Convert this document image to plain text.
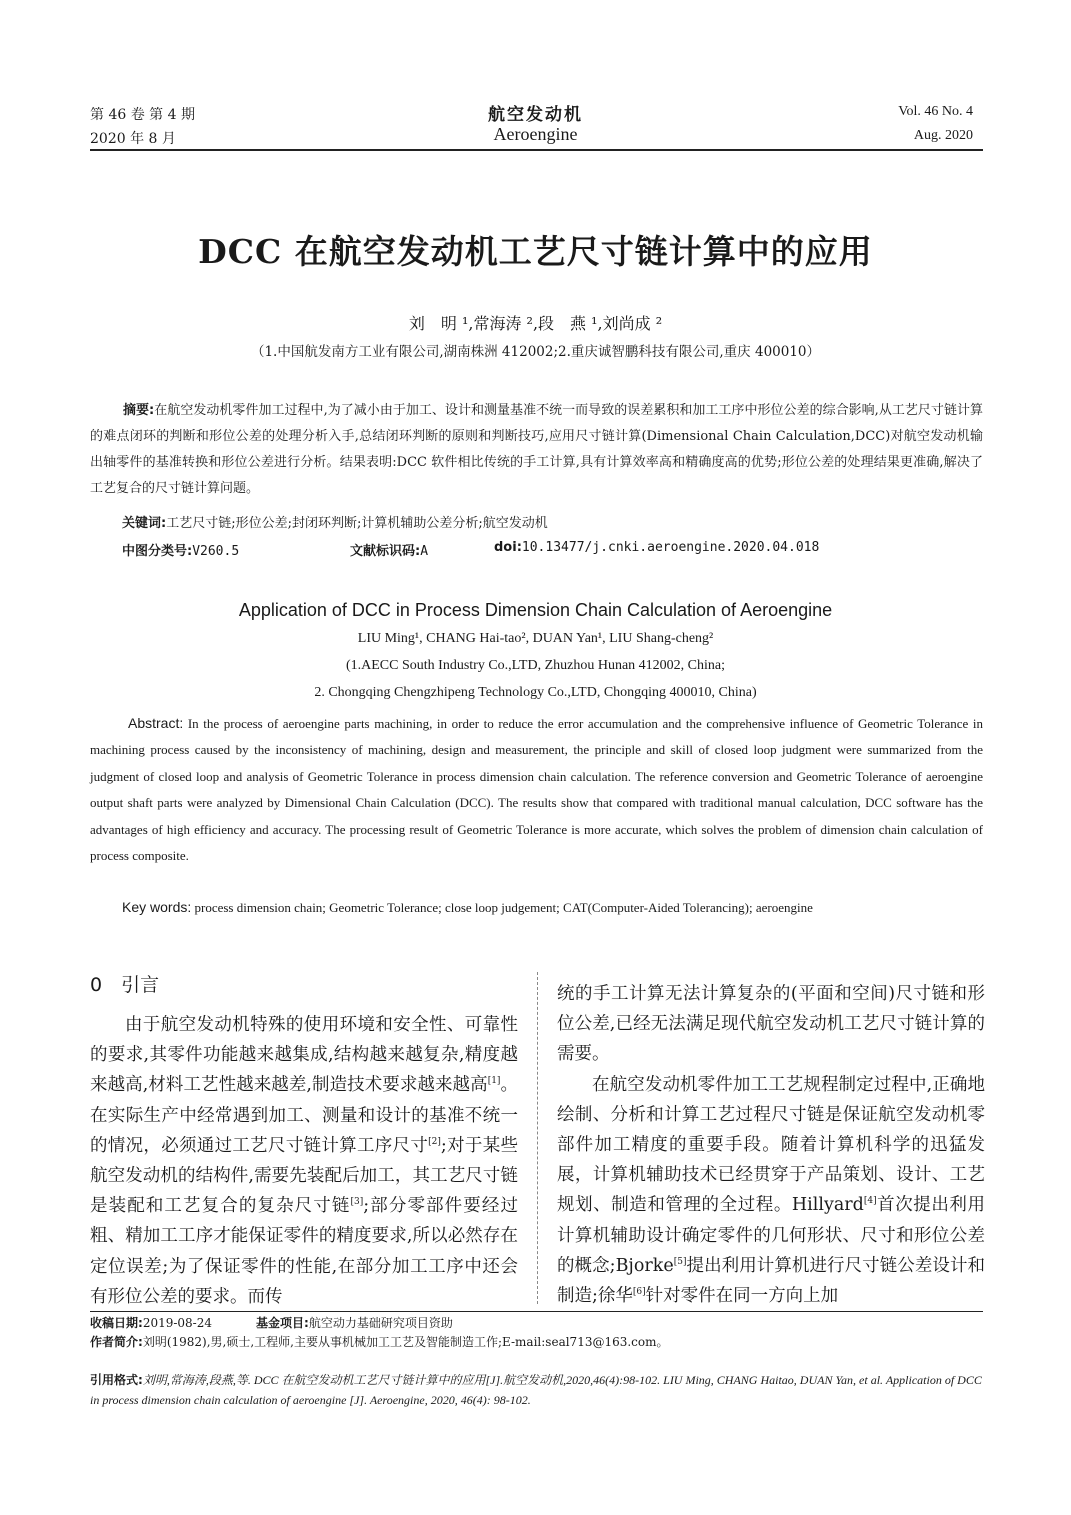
第 46 卷 第 4 期
2020 年 8 月
航空发动机
Aeroengine
Vol. 46 No. 4
Aug. 2020
DCC 在航空发动机工艺尺寸链计算中的应用
刘　明 ¹,常海涛 ²,段　燕 ¹,刘尚成 ²
（1.中国航发南方工业有限公司,湖南株洲 412002;2.重庆诚智鹏科技有限公司,重庆 400010）
摘要:在航空发动机零件加工过程中,为了减小由于加工、设计和测量基准不统一而导致的误差累积和加工工序中形位公差的综合影响,从工艺尺寸链计算的难点闭环的判断和形位公差的处理分析入手,总结闭环判断的原则和判断技巧,应用尺寸链计算(Dimensional Chain Calculation,DCC)对航空发动机输出轴零件的基准转换和形位公差进行分析。结果表明:DCC 软件相比传统的手工计算,具有计算效率高和精确度高的优势;形位公差的处理结果更准确,解决了工艺复合的尺寸链计算问题。
关键词:工艺尺寸链;形位公差;封闭环判断;计算机辅助公差分析;航空发动机
中图分类号:V260.5	文献标识码:A	doi:10.13477/j.cnki.aeroengine.2020.04.018
Application of DCC in Process Dimension Chain Calculation of Aeroengine
LIU Ming¹, CHANG Hai-tao², DUAN Yan¹, LIU Shang-cheng²
(1.AECC South Industry Co.,LTD, Zhuzhou Hunan 412002, China;
2. Chongqing Chengzhipeng Technology Co.,LTD, Chongqing 400010, China)
Abstract: In the process of aeroengine parts machining, in order to reduce the error accumulation and the comprehensive influence of Geometric Tolerance in machining process caused by the inconsistency of machining, design and measurement, the principle and skill of closed loop judgment were summarized from the judgment of closed loop and analysis of Geometric Tolerance in process dimension chain calculation. The reference conversion and Geometric Tolerance of aeroengine output shaft parts were analyzed by Dimensional Chain Calculation (DCC). The results show that compared with traditional manual calculation, DCC software has the advantages of high efficiency and accuracy. The processing result of Geometric Tolerance is more accurate, which solves the problem of dimension chain calculation of process composite.
Key words: process dimension chain; Geometric Tolerance; close loop judgement; CAT(Computer-Aided Tolerancing); aeroengine
0　引言
由于航空发动机特殊的使用环境和安全性、可靠性的要求,其零件功能越来越集成,结构越来越复杂,精度越来越高,材料工艺性越来越差,制造技术要求越来越高[1]。在实际生产中经常遇到加工、测量和设计的基准不统一的情况，必须通过工艺尺寸链计算工序尺寸[2];对于某些航空发动机的结构件,需要先装配后加工，其工艺尺寸链是装配和工艺复合的复杂尺寸链[3];部分零部件要经过粗、精加工工序才能保证零件的精度要求,所以必然存在定位误差;为了保证零件的性能,在部分加工工序中还会有形位公差的要求。而传

统的手工计算无法计算复杂的(平面和空间)尺寸链和形位公差,已经无法满足现代航空发动机工艺尺寸链计算的需要。

在航空发动机零件加工工艺规程制定过程中,正确地绘制、分析和计算工艺过程尺寸链是保证航空发动机零部件加工精度的重要手段。随着计算机科学的迅猛发展，计算机辅助技术已经贯穿于产品策划、设计、工艺规划、制造和管理的全过程。Hillyard[4]首次提出利用计算机辅助设计确定零件的几何形状、尺寸和形位公差的概念;Bjorke[5]提出利用计算机进行尺寸链公差设计和制造;徐华[6]针对零件在同一方向上加

收稿日期:2019-08-24	基金项目:航空动力基础研究项目资助
作者简介:刘明(1982),男,硕士,工程师,主要从事机械加工工艺及智能制造工作;E-mail:seal713@163.com。
引用格式:刘明,常海涛,段燕,等. DCC 在航空发动机工艺尺寸链计算中的应用[J].航空发动机,2020,46(4):98-102. LIU Ming, CHANG Haitao, DUAN Yan, et al. Application of DCC in process dimension chain calculation of aeroengine [J]. Aeroengine, 2020, 46(4): 98-102.
